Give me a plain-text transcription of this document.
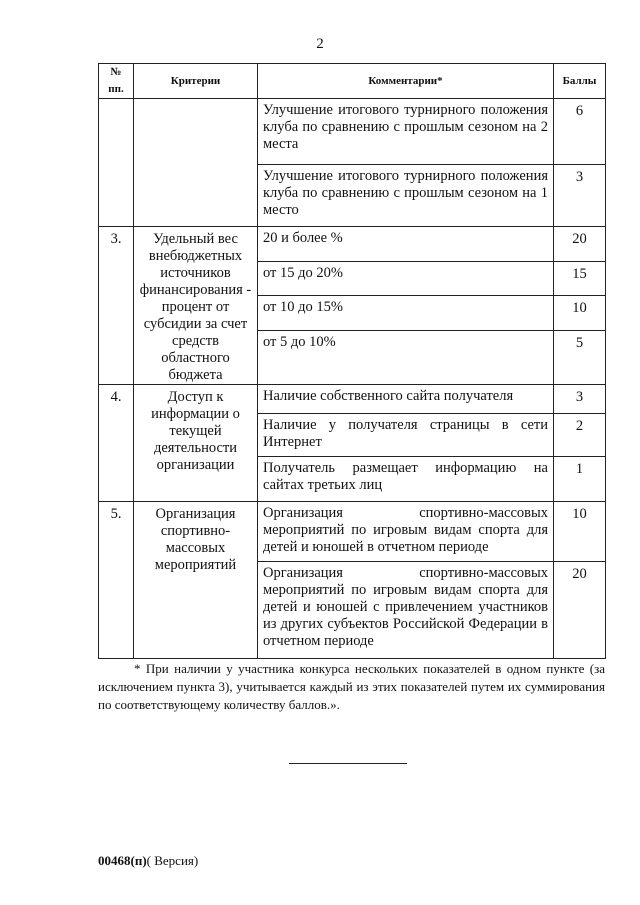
2
№
пп.	Критерии	Комментарии*	Баллы
		Улучшение итогового турнирного положения клуба по сравнению с прошлым сезоном на 2 места	6
		Улучшение итогового турнирного положения клуба по сравнению с прошлым сезоном на 1 место	3
3.	Удельный вес внебюджетных источников финансирования - процент от субсидии за счет средств областного бюджета	20 и более %	20
		от 15 до 20%	15
		от 10 до 15%	10
		от 5 до 10%	5
4.	Доступ к информации о текущей деятельности организации	Наличие собственного сайта получателя	3
		Наличие у получателя страницы в сети Интернет	2
		Получатель размещает информацию на сайтах третьих лиц	1
5.	Организация спортивно-массовых мероприятий	Организация спортивно-массовых мероприятий по игровым видам спорта для детей и юношей в отчетном периоде	10
		Организация спортивно-массовых мероприятий по игровым видам спорта для детей и юношей с привлечением участников из других субъектов Российской Федерации в отчетном периоде	20
* При наличии у участника конкурса нескольких показателей в одном пункте (за исключением пункта 3), учитывается каждый из этих показателей путем их суммирования по соответствующему количеству баллов.».
00468(п)( Версия)
